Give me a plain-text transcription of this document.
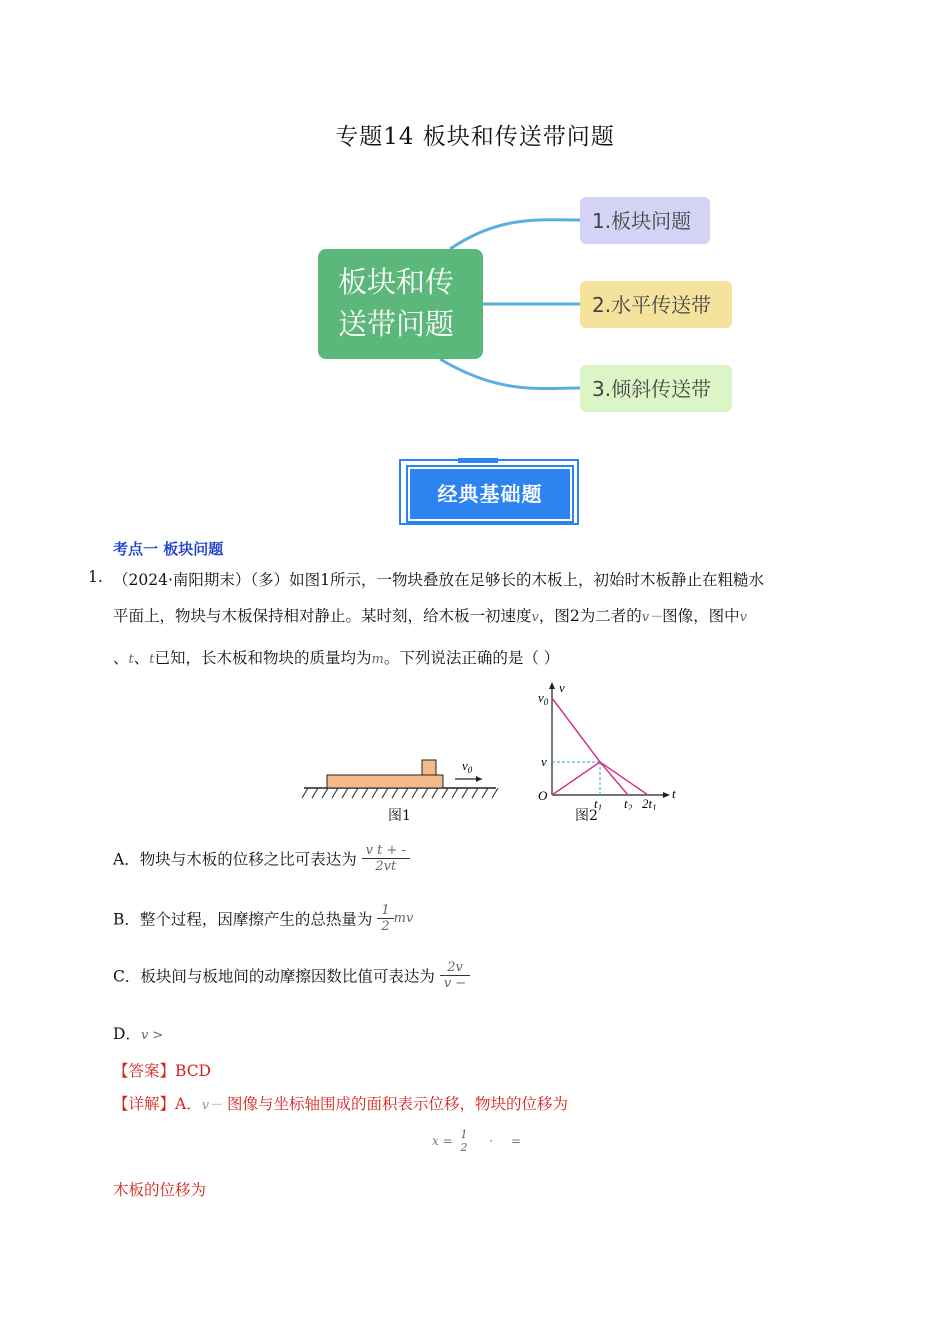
专题14 板块和传送带问题
板块和传
送带问题
1.板块问题
2.水平传送带
3.倾斜传送带
经典基础题
考点一 板块问题
1. （2024·南阳期末）（多）如图1所示，一物块叠放在足够长的木板上，初始时木板静止在粗糙水
平面上，物块与木板保持相对静止。某时刻，给木板一初速度v，图2为二者的v－图像，图中v
、t、t已知，长木板和物块的质量均为m。下列说法正确的是（ ）
$v_0$
图1
v
t
O
$v_0$
v
$t_1$ $t_2$ $2t_1$
图2
A．物块与木板的位移之比可表达为 $\frac{\text{v t + -}}{2vt}$
B．整个过程，因摩擦产生的总热量为 $\frac{1}{2}$ mv
C．板块间与板地间的动摩擦因数比值可表达为 $\frac{2v}{v -}$
D．v >
【答案】BCD
【详解】A．v－ 图像与坐标轴围成的面积表示位移，物块的位移为
x = 1
2	· =
木板的位移为
